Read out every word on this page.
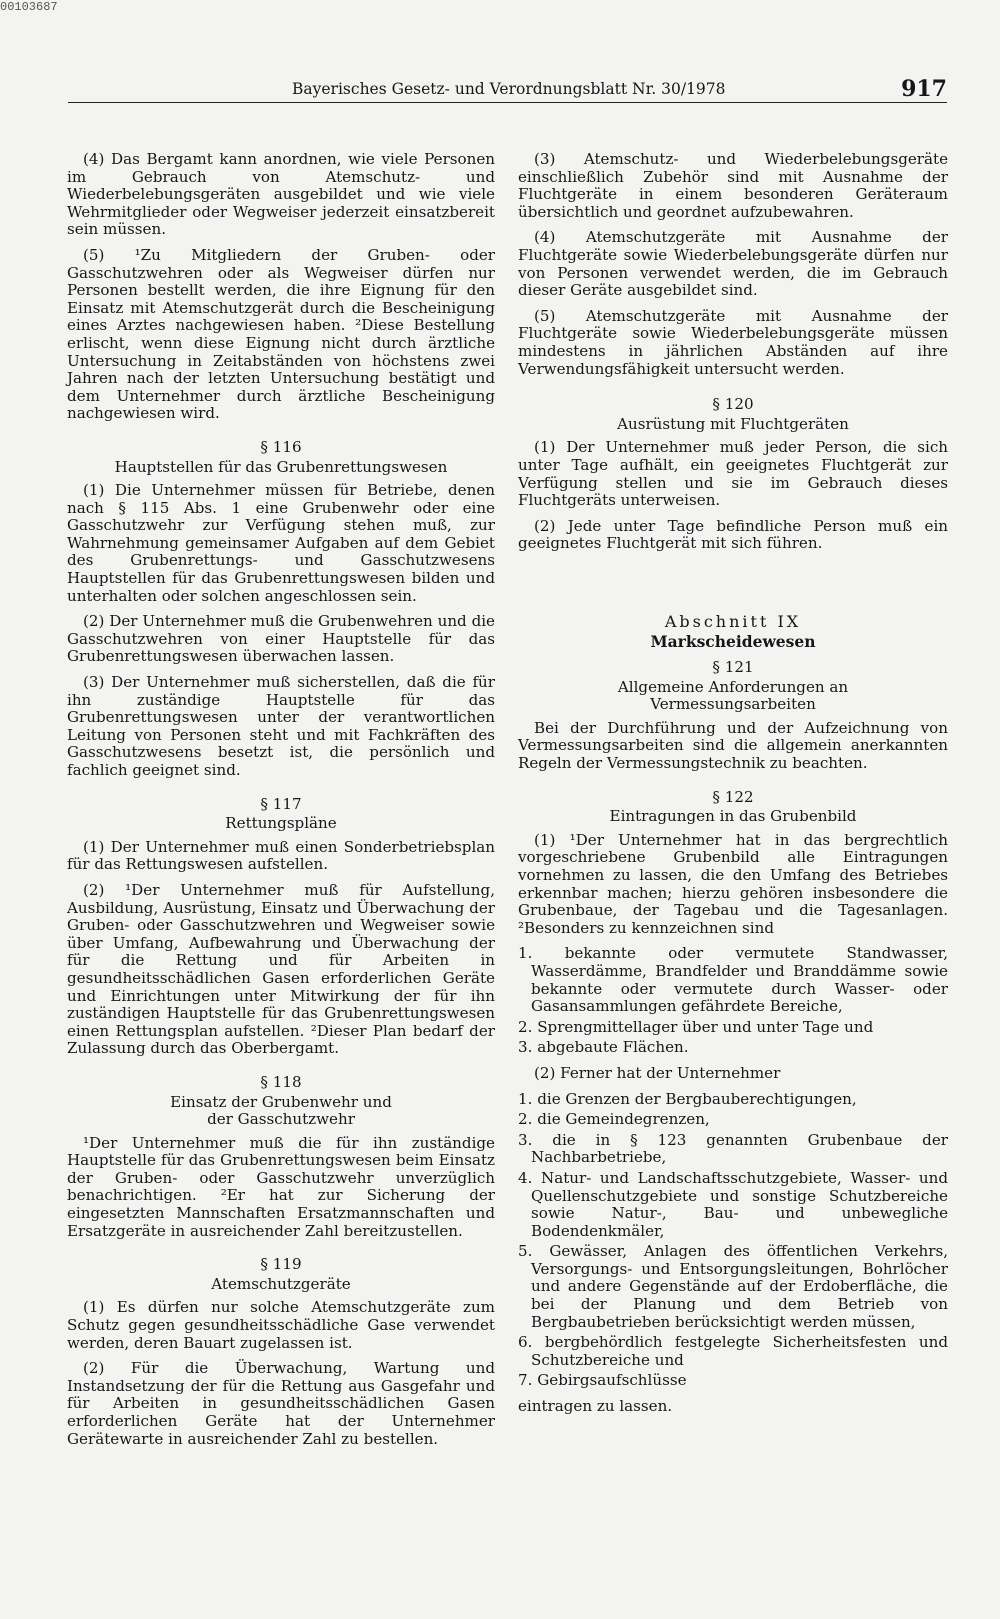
00103687
Bayerisches Gesetz- und Verordnungsblatt Nr. 30/1978	917

(4) Das Bergamt kann anordnen, wie viele Personen im Gebrauch von Atemschutz- und Wiederbelebungsgeräten ausgebildet und wie viele Wehrmitglieder oder Wegweiser jederzeit einsatzbereit sein müssen.

(5) ¹Zu Mitgliedern der Gruben- oder Gasschutzwehren oder als Wegweiser dürfen nur Personen bestellt werden, die ihre Eignung für den Einsatz mit Atemschutzgerät durch die Bescheinigung eines Arztes nachgewiesen haben. ²Diese Bestellung erlischt, wenn diese Eignung nicht durch ärztliche Untersuchung in Zeitabständen von höchstens zwei Jahren nach der letzten Untersuchung bestätigt und dem Unternehmer durch ärztliche Bescheinigung nachgewiesen wird.

§ 116
Hauptstellen für das Grubenrettungswesen

(1) Die Unternehmer müssen für Betriebe, denen nach § 115 Abs. 1 eine Grubenwehr oder eine Gasschutzwehr zur Verfügung stehen muß, zur Wahrnehmung gemeinsamer Aufgaben auf dem Gebiet des Grubenrettungs- und Gasschutzwesens Hauptstellen für das Grubenrettungswesen bilden und unterhalten oder solchen angeschlossen sein.

(2) Der Unternehmer muß die Grubenwehren und die Gasschutzwehren von einer Hauptstelle für das Grubenrettungswesen überwachen lassen.

(3) Der Unternehmer muß sicherstellen, daß die für ihn zuständige Hauptstelle für das Grubenrettungswesen unter der verantwortlichen Leitung von Personen steht und mit Fachkräften des Gasschutzwesens besetzt ist, die persönlich und fachlich geeignet sind.

§ 117
Rettungspläne

(1) Der Unternehmer muß einen Sonderbetriebsplan für das Rettungswesen aufstellen.

(2) ¹Der Unternehmer muß für Aufstellung, Ausbildung, Ausrüstung, Einsatz und Überwachung der Gruben- oder Gasschutzwehren und Wegweiser sowie über Umfang, Aufbewahrung und Überwachung der für die Rettung und für Arbeiten in gesundheitsschädlichen Gasen erforderlichen Geräte und Einrichtungen unter Mitwirkung der für ihn zuständigen Hauptstelle für das Grubenrettungswesen einen Rettungsplan aufstellen. ²Dieser Plan bedarf der Zulassung durch das Oberbergamt.

§ 118
Einsatz der Grubenwehr und
der Gasschutzwehr

¹Der Unternehmer muß die für ihn zuständige Hauptstelle für das Grubenrettungswesen beim Einsatz der Gruben- oder Gasschutzwehr unverzüglich benachrichtigen. ²Er hat zur Sicherung der eingesetzten Mannschaften Ersatzmannschaften und Ersatzgeräte in ausreichender Zahl bereitzustellen.

§ 119
Atemschutzgeräte

(1) Es dürfen nur solche Atemschutzgeräte zum Schutz gegen gesundheitsschädliche Gase verwendet werden, deren Bauart zugelassen ist.

(2) Für die Überwachung, Wartung und Instandsetzung der für die Rettung aus Gasgefahr und für Arbeiten in gesundheitsschädlichen Gasen erforderlichen Geräte hat der Unternehmer Gerätewarte in ausreichender Zahl zu bestellen.

(3) Atemschutz- und Wiederbelebungsgeräte einschließlich Zubehör sind mit Ausnahme der Fluchtgeräte in einem besonderen Geräteraum übersichtlich und geordnet aufzubewahren.

(4) Atemschutzgeräte mit Ausnahme der Fluchtgeräte sowie Wiederbelebungsgeräte dürfen nur von Personen verwendet werden, die im Gebrauch dieser Geräte ausgebildet sind.

(5) Atemschutzgeräte mit Ausnahme der Fluchtgeräte sowie Wiederbelebungsgeräte müssen mindestens in jährlichen Abständen auf ihre Verwendungsfähigkeit untersucht werden.

§ 120
Ausrüstung mit Fluchtgeräten

(1) Der Unternehmer muß jeder Person, die sich unter Tage aufhält, ein geeignetes Fluchtgerät zur Verfügung stellen und sie im Gebrauch dieses Fluchtgeräts unterweisen.

(2) Jede unter Tage befindliche Person muß ein geeignetes Fluchtgerät mit sich führen.

Abschnitt IX
Markscheidewesen
§ 121
Allgemeine Anforderungen an
Vermessungsarbeiten

Bei der Durchführung und der Aufzeichnung von Vermessungsarbeiten sind die allgemein anerkannten Regeln der Vermessungstechnik zu beachten.

§ 122
Eintragungen in das Grubenbild

(1) ¹Der Unternehmer hat in das bergrechtlich vorgeschriebene Grubenbild alle Eintragungen vornehmen zu lassen, die den Umfang des Betriebes erkennbar machen; hierzu gehören insbesondere die Grubenbaue, der Tagebau und die Tagesanlagen. ²Besonders zu kennzeichnen sind

1. bekannte oder vermutete Standwasser, Wasserdämme, Brandfelder und Branddämme sowie bekannte oder vermutete durch Wasser- oder Gasansammlungen gefährdete Bereiche,
2. Sprengmittellager über und unter Tage und
3. abgebaute Flächen.

(2) Ferner hat der Unternehmer

1. die Grenzen der Bergbauberechtigungen,
2. die Gemeindegrenzen,
3. die in § 123 genannten Grubenbaue der Nachbarbetriebe,
4. Natur- und Landschaftsschutzgebiete, Wasser- und Quellenschutzgebiete und sonstige Schutzbereiche sowie Natur-, Bau- und unbewegliche Bodendenkmäler,
5. Gewässer, Anlagen des öffentlichen Verkehrs, Versorgungs- und Entsorgungsleitungen, Bohrlöcher und andere Gegenstände auf der Erdoberfläche, die bei der Planung und dem Betrieb von Bergbaubetrieben berücksichtigt werden müssen,
6. bergbehördlich festgelegte Sicherheitsfesten und Schutzbereiche und
7. Gebirgsaufschlüsse

eintragen zu lassen.
